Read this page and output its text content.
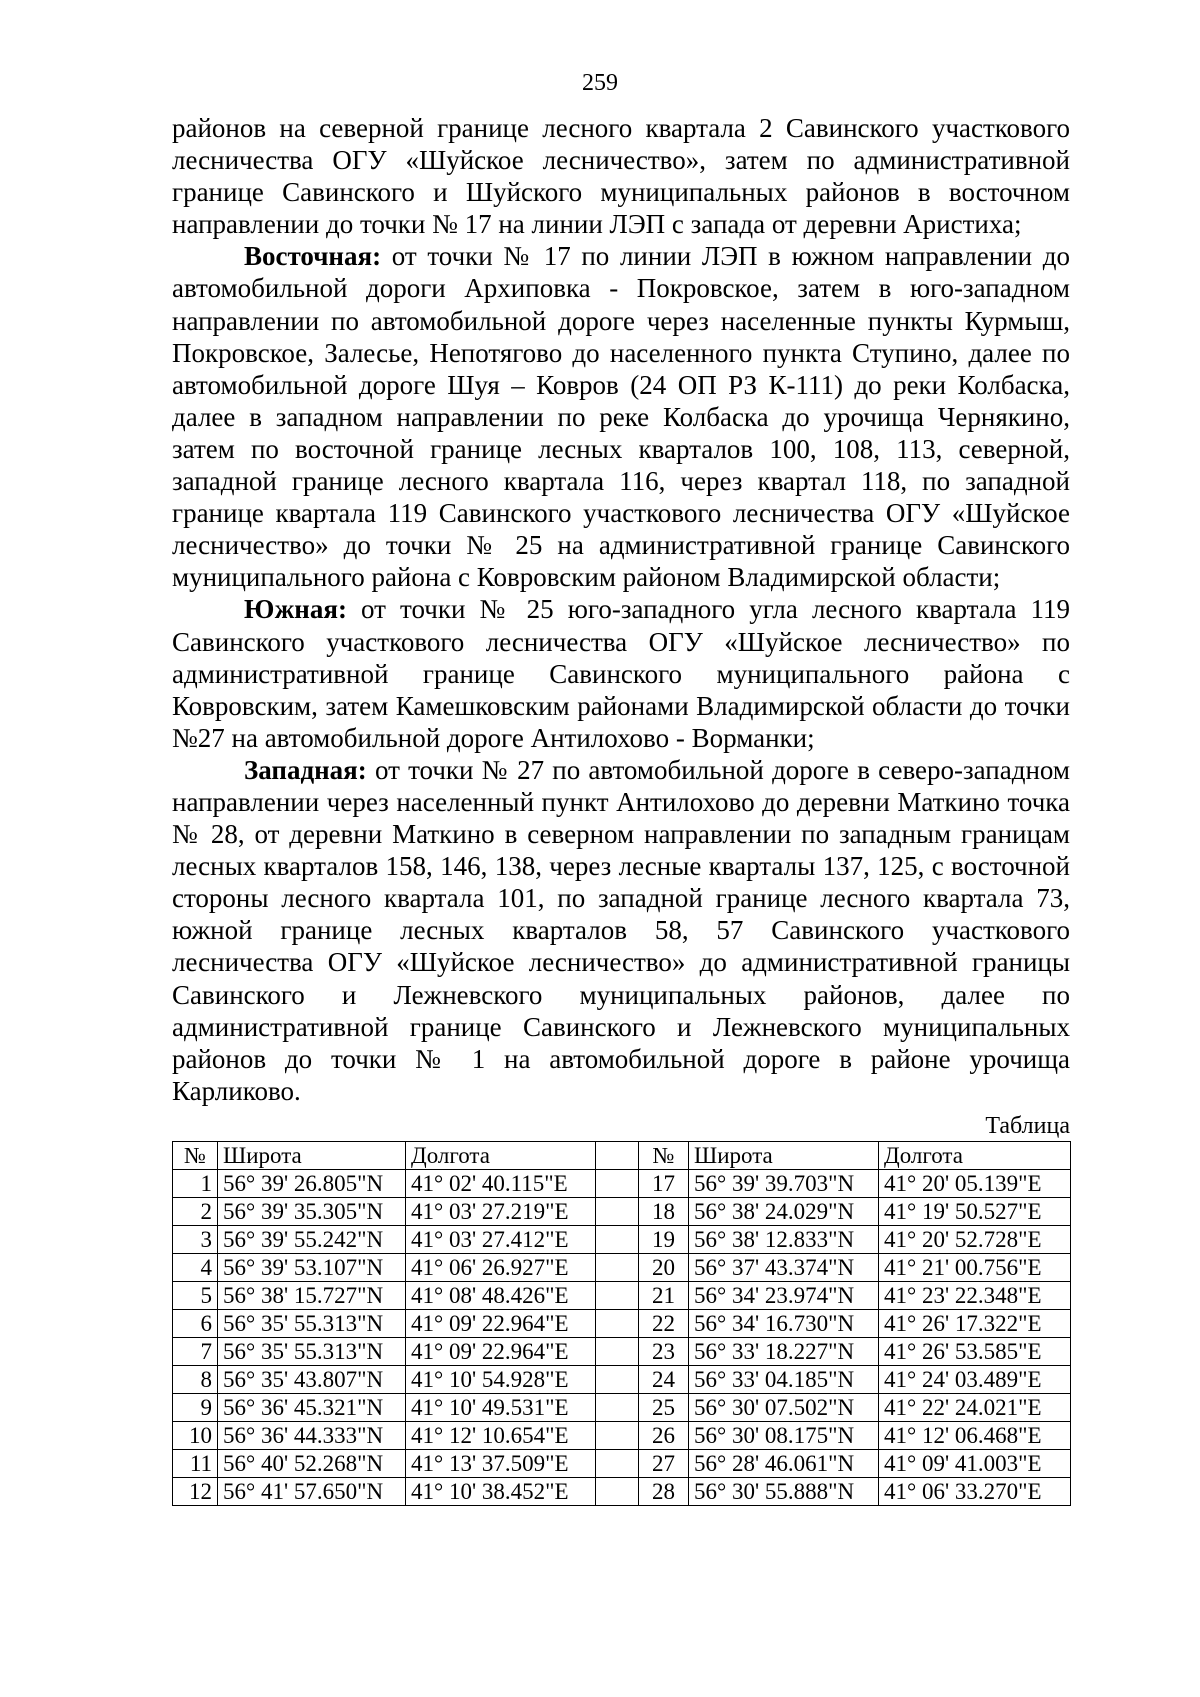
259

районов на северной границе лесного квартала 2 Савинского участкового лесничества ОГУ «Шуйское лесничество», затем по административной границе Савинского и Шуйского муниципальных районов в восточном направлении до точки № 17 на линии ЛЭП с запада от деревни Аристиха;

Восточная: от точки № 17 по линии ЛЭП в южном направлении до автомобильной дороги Архиповка - Покровское, затем в юго-западном направлении по автомобильной дороге через населенные пункты Курмыш, Покровское, Залесье, Непотягово до населенного пункта Ступино, далее по автомобильной дороге Шуя – Ковров (24 ОП РЗ К-111) до реки Колбаска, далее в западном направлении по реке Колбаска до урочища Чернякино, затем по восточной границе лесных кварталов 100, 108, 113, северной, западной границе лесного квартала 116, через квартал 118, по западной границе квартала 119 Савинского участкового лесничества ОГУ «Шуйское лесничество» до точки № 25 на административной границе Савинского муниципального района с Ковровским районом Владимирской области;

Южная: от точки № 25 юго-западного угла лесного квартала 119 Савинского участкового лесничества ОГУ «Шуйское лесничество» по административной границе Савинского муниципального района с Ковровским, затем Камешковским районами Владимирской области до точки №27 на автомобильной дороге Антилохово - Ворманки;

Западная: от точки № 27 по автомобильной дороге в северо-западном направлении через населенный пункт Антилохово до деревни Маткино точка № 28, от деревни Маткино в северном направлении по западным границам лесных кварталов 158, 146, 138, через лесные кварталы 137, 125, с восточной стороны лесного квартала 101, по западной границе лесного квартала 73, южной границе лесных кварталов 58, 57 Савинского участкового лесничества ОГУ «Шуйское лесничество» до административной границы Савинского и Лежневского муниципальных районов, далее по административной границе Савинского и Лежневского муниципальных районов до точки № 1 на автомобильной дороге в районе урочища Карликово.

Таблица
№	Широта	Долгота		№	Широта	Долгота
1	56° 39' 26.805"N	41° 02' 40.115"E		17	56° 39' 39.703"N	41° 20' 05.139"E
2	56° 39' 35.305"N	41° 03' 27.219"E		18	56° 38' 24.029"N	41° 19' 50.527"E
3	56° 39' 55.242"N	41° 03' 27.412"E		19	56° 38' 12.833"N	41° 20' 52.728"E
4	56° 39' 53.107"N	41° 06' 26.927"E		20	56° 37' 43.374"N	41° 21' 00.756"E
5	56° 38' 15.727"N	41° 08' 48.426"E		21	56° 34' 23.974"N	41° 23' 22.348"E
6	56° 35' 55.313"N	41° 09' 22.964"E		22	56° 34' 16.730"N	41° 26' 17.322"E
7	56° 35' 55.313"N	41° 09' 22.964"E		23	56° 33' 18.227"N	41° 26' 53.585"E
8	56° 35' 43.807"N	41° 10' 54.928"E		24	56° 33' 04.185"N	41° 24' 03.489"E
9	56° 36' 45.321"N	41° 10' 49.531"E		25	56° 30' 07.502"N	41° 22' 24.021"E
10	56° 36' 44.333"N	41° 12' 10.654"E		26	56° 30' 08.175"N	41° 12' 06.468"E
11	56° 40' 52.268"N	41° 13' 37.509"E		27	56° 28' 46.061"N	41° 09' 41.003"E
12	56° 41' 57.650"N	41° 10' 38.452"E		28	56° 30' 55.888"N	41° 06' 33.270"E
